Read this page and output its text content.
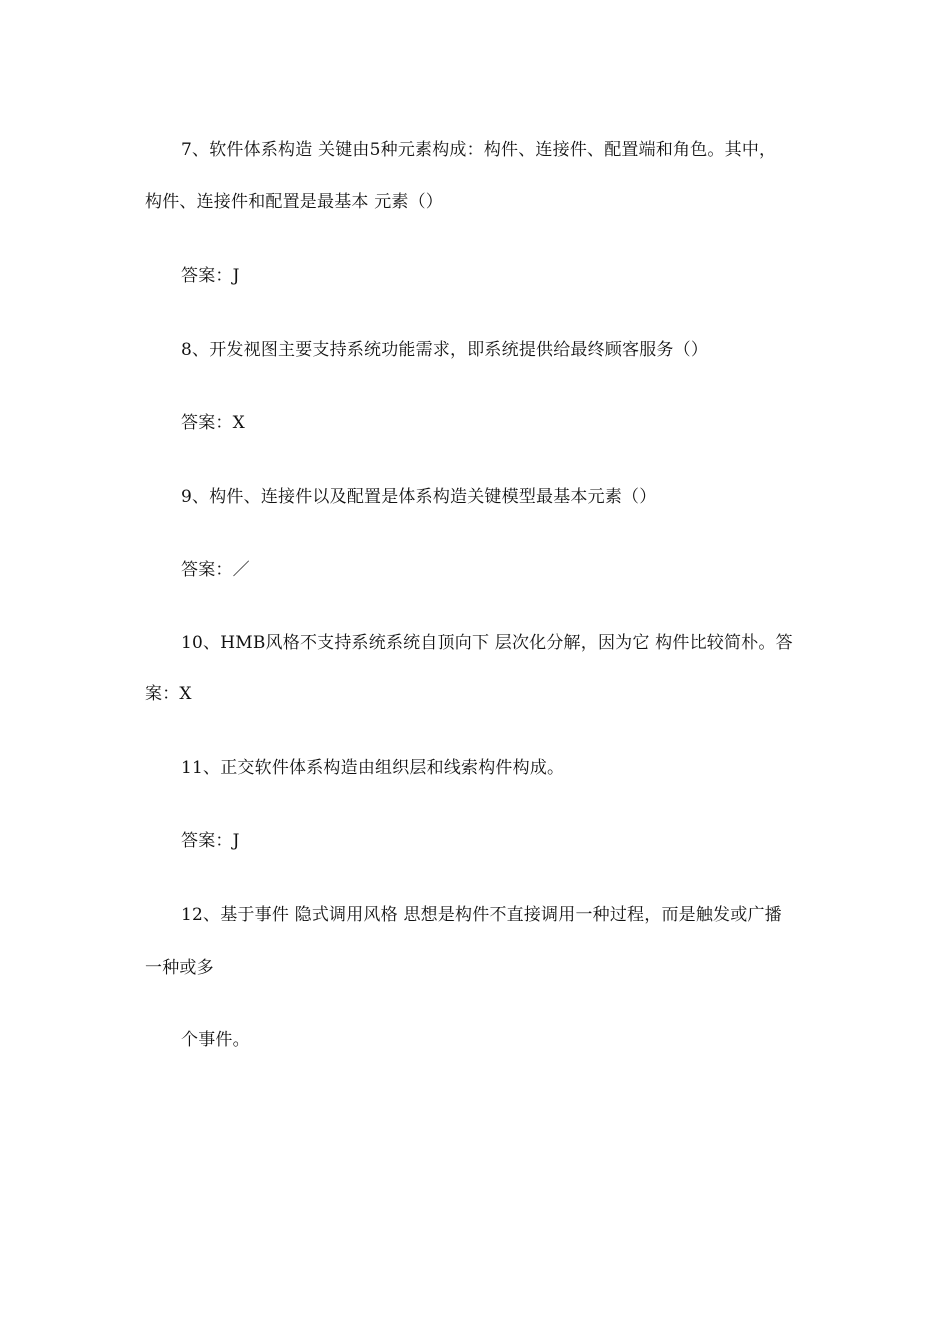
7、软件体系构造 关键由5种元素构成：构件、连接件、配置端和角色。其中，
构件、连接件和配置是最基本 元素（）
答案：J
8、开发视图主要支持系统功能需求，即系统提供给最终顾客服务（）
答案：X
9、构件、连接件以及配置是体系构造关键模型最基本元素（）
答案：／
10、HMB风格不支持系统系统自顶向下 层次化分解，因为它 构件比较简朴。答
案：X
11、正交软件体系构造由组织层和线索构件构成。
答案：J
12、基于事件 隐式调用风格 思想是构件不直接调用一种过程，而是触发或广播
一种或多
个事件。
